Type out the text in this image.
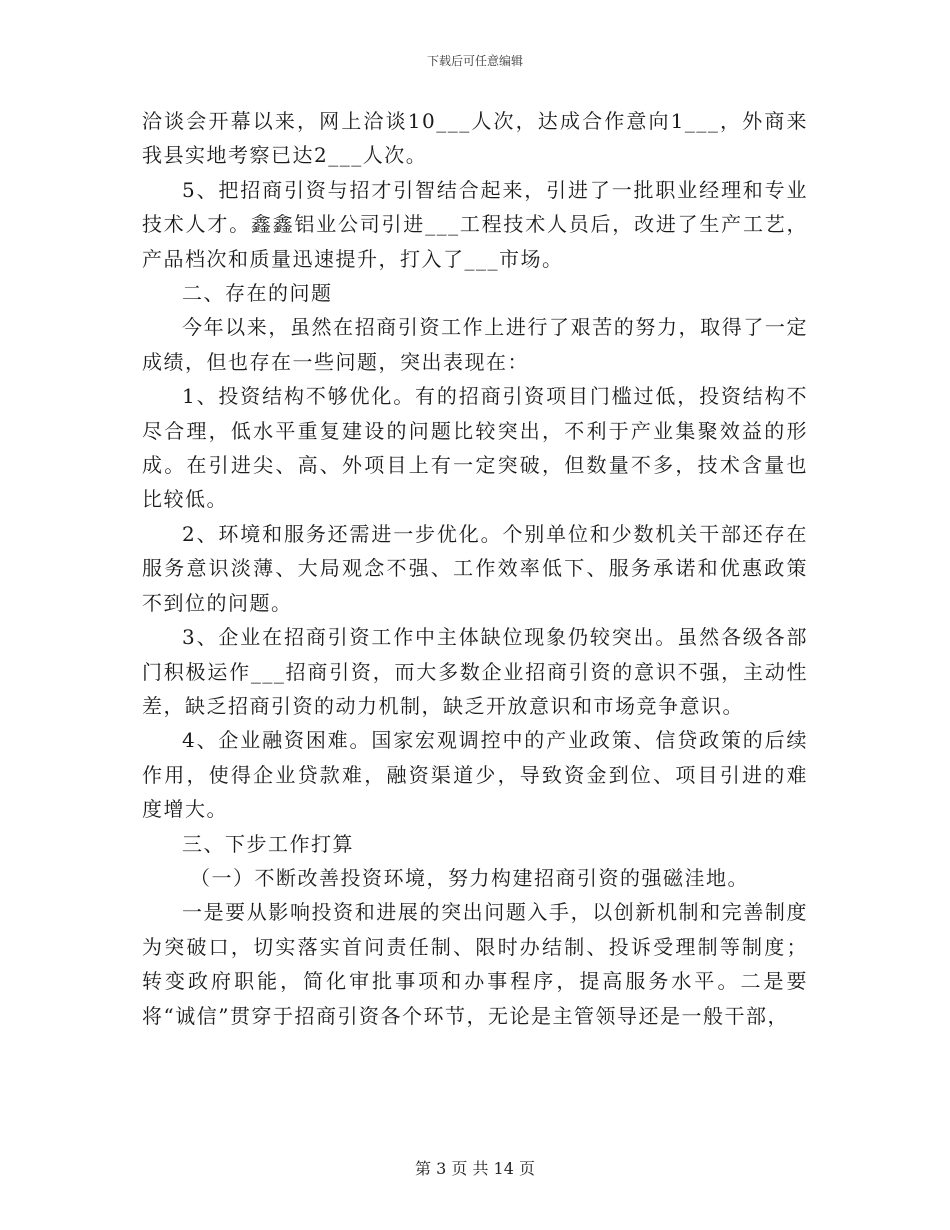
下载后可任意编辑

洽谈会开幕以来，网上洽谈10___人次，达成合作意向1___，外商来我县实地考察已达2___人次。

5、把招商引资与招才引智结合起来，引进了一批职业经理和专业技术人才。鑫鑫铝业公司引进___工程技术人员后，改进了生产工艺，产品档次和质量迅速提升，打入了___市场。

二、存在的问题

今年以来，虽然在招商引资工作上进行了艰苦的努力，取得了一定成绩，但也存在一些问题，突出表现在：

1、投资结构不够优化。有的招商引资项目门槛过低，投资结构不尽合理，低水平重复建设的问题比较突出，不利于产业集聚效益的形成。在引进尖、高、外项目上有一定突破，但数量不多，技术含量也比较低。

2、环境和服务还需进一步优化。个别单位和少数机关干部还存在服务意识淡薄、大局观念不强、工作效率低下、服务承诺和优惠政策不到位的问题。

3、企业在招商引资工作中主体缺位现象仍较突出。虽然各级各部门积极运作___招商引资，而大多数企业招商引资的意识不强，主动性差，缺乏招商引资的动力机制，缺乏开放意识和市场竞争意识。

4、企业融资困难。国家宏观调控中的产业政策、信贷政策的后续作用，使得企业贷款难，融资渠道少，导致资金到位、项目引进的难度增大。

三、下步工作打算

（一）不断改善投资环境，努力构建招商引资的强磁洼地。

一是要从影响投资和进展的突出问题入手，以创新机制和完善制度为突破口，切实落实首问责任制、限时办结制、投诉受理制等制度；转变政府职能，简化审批事项和办事程序，提高服务水平。二是要将“诚信”贯穿于招商引资各个环节，无论是主管领导还是一般干部，

第 3 页 共 14 页
